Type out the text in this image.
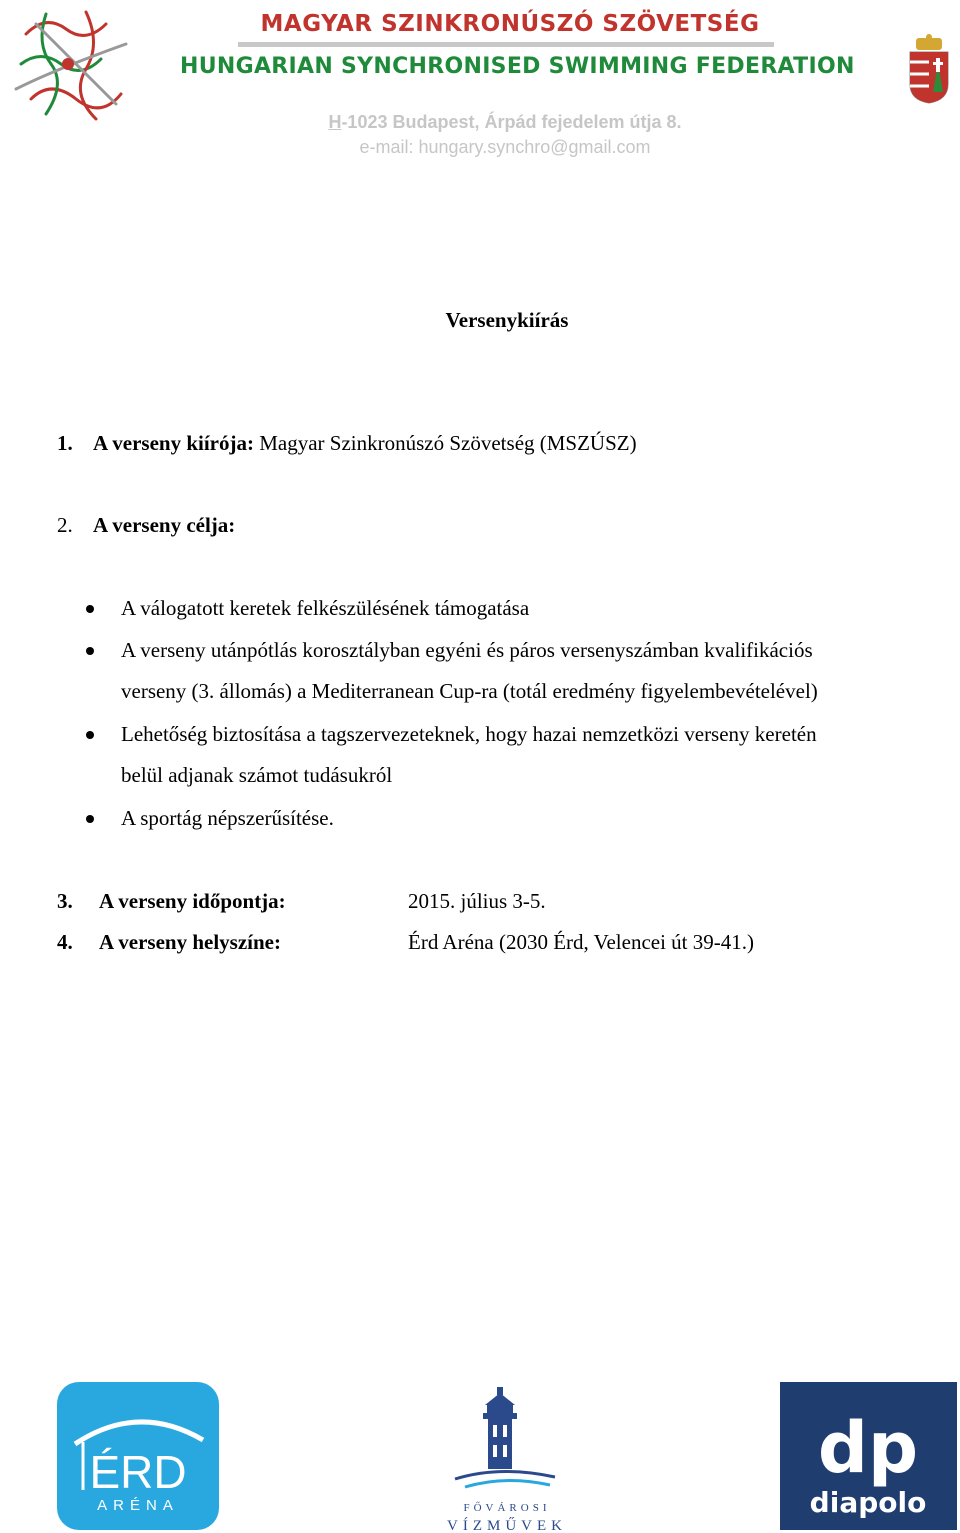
MAGYAR SZINKRONÚSZÓ SZÖVETSÉG
HUNGARIAN SYNCHRONISED SWIMMING FEDERATION
H-1023 Budapest, Árpád fejedelem útja 8.
e-mail: hungary.synchro@gmail.com
Versenykiírás
1. A verseny kiírója: Magyar Szinkronúszó Szövetség (MSZÚSZ)
2. A verseny célja:
A válogatott keretek felkészülésének támogatása
A verseny utánpótlás korosztályban egyéni és páros versenyszámban kvalifikációs
verseny (3. állomás) a Mediterranean Cup-ra (totál eredmény figyelembevételével)
Lehetőség biztosítása a tagszervezeteknek, hogy hazai nemzetközi verseny keretén
belül adjanak számot tudásukról
A sportág népszerűsítése.
3. A verseny időpontja:	2015. július 3-5.
4. A verseny helyszíne:	Érd Aréna (2030 Érd, Velencei út 39-41.)
ÉRD
ARÉNA	FŐVÁROSI
VÍZMŰVEK
dp
diapolo
